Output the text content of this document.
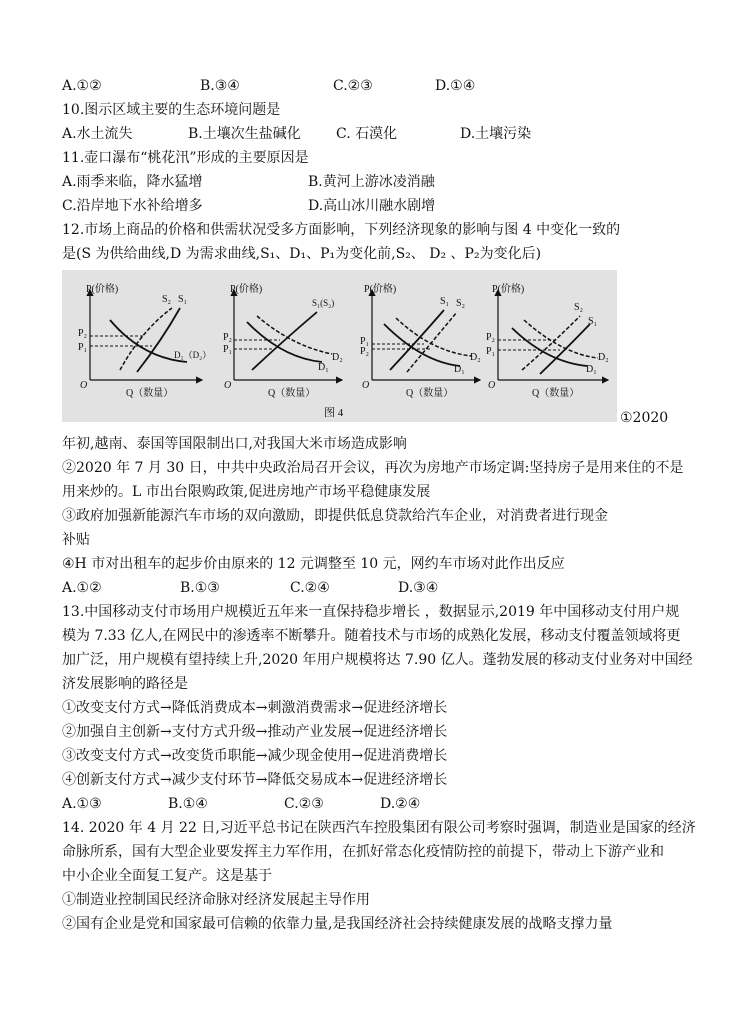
A.①②	B.③④	C.②③	D.①④
10.图示区域主要的生态环境问题是
A.水土流失	B.土壤次生盐碱化	C. 石漠化	D.土壤污染
11.壶口瀑布“桃花汛”形成的主要原因是
A.雨季来临，降水猛增	B.黄河上游冰凌消融
C.沿岸地下水补给增多	D.高山冰川融水剧增
12.市场上商品的价格和供需状况受多方面影响，下列经济现象的影响与图 4 中变化一致的
是(S 为供给曲线,D 为需求曲线,S₁、D₁、P₁为变化前,S₂、 D₂ 、P₂为变化后)
P(价格)
Q（数量）
O
S₂ S₁
P₂
P₁
D₁（D₂）
P(价格)
Q（数量）
O
S₁(S₂)
P₂
P₁
D₂
D₁
P(价格)
Q（数量）
O
S₁ S₂
P₁
P₂
D₂
D₁
P(价格)
Q（数量）
O
S₂
S₁
P₂
P₁
D₂
D₁
图 4	①2020
年初,越南、泰国等国限制出口,对我国大米市场造成影响
②2020 年 7 月 30 日，中共中央政治局召开会议，再次为房地产市场定调:坚持房子是用来住的不是
用来炒的。L 市出台限购政策,促进房地产市场平稳健康发展
③政府加强新能源汽车市场的双向激励，即提供低息贷款给汽车企业，对消费者进行现金
补贴
④H 市对出租车的起步价由原来的 12 元调整至 10 元，网约车市场对此作出反应
A.①②	B.①③	C.②④	D.③④
13.中国移动支付市场用户规模近五年来一直保持稳步增长 ，数据显示,2019 年中国移动支付用户规
模为 7.33 亿人,在网民中的渗透率不断攀升。随着技术与市场的成熟化发展，移动支付覆盖领域将更
加广泛，用户规模有望持续上升,2020 年用户规模将达 7.90 亿人。蓬勃发展的移动支付业务对中国经
济发展影响的路径是
①改变支付方式→降低消费成本→刺激消费需求→促进经济增长
②加强自主创新→支付方式升级→推动产业发展→促进经济增长
③改变支付方式→改变货币职能→减少现金使用→促进消费增长
④创新支付方式→减少支付环节→降低交易成本→促进经济增长
A.①③	B.①④	C.②③	D.②④
14. 2020 年 4 月 22 日,习近平总书记在陕西汽车控股集团有限公司考察时强调，制造业是国家的经济
命脉所系，国有大型企业要发挥主力军作用，在抓好常态化疫情防控的前提下，带动上下游产业和
中小企业全面复工复产。这是基于
①制造业控制国民经济命脉对经济发展起主导作用
②国有企业是党和国家最可信赖的依靠力量,是我国经济社会持续健康发展的战略支撑力量
